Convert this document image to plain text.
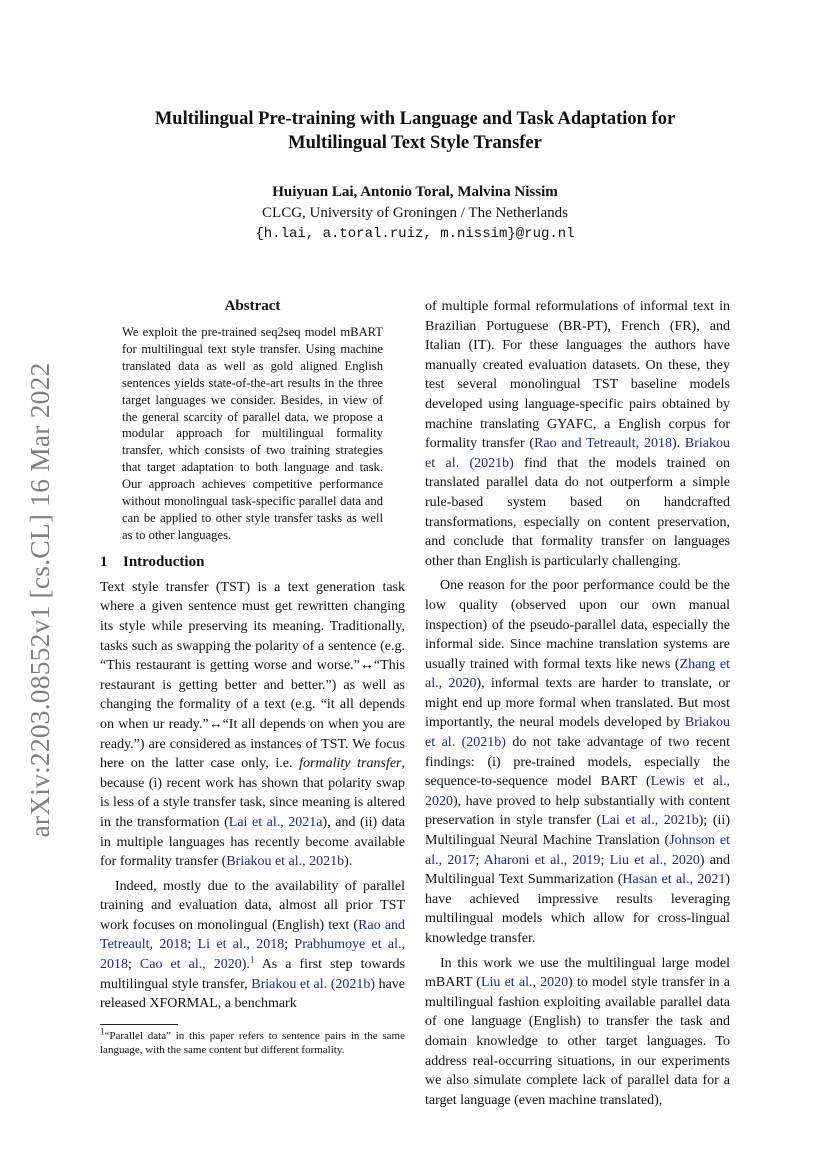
arXiv:2203.08552v1 [cs.CL] 16 Mar 2022
Multilingual Pre-training with Language and Task Adaptation for
Multilingual Text Style Transfer
Huiyuan Lai, Antonio Toral, Malvina Nissim
CLCG, University of Groningen / The Netherlands
{h.lai, a.toral.ruiz, m.nissim}@rug.nl
Abstract
We exploit the pre-trained seq2seq model mBART for multilingual text style transfer. Using machine translated data as well as gold aligned English sentences yields state-of-the-art results in the three target languages we consider. Besides, in view of the general scarcity of parallel data, we propose a modular approach for multilingual formality transfer, which consists of two training strategies that target adaptation to both language and task. Our approach achieves competitive performance without monolingual task-specific parallel data and can be applied to other style transfer tasks as well as to other languages.
1 Introduction

Text style transfer (TST) is a text generation task where a given sentence must get rewritten changing its style while preserving its meaning. Traditionally, tasks such as swapping the polarity of a sentence (e.g. “This restaurant is getting worse and worse.”↔“This restaurant is getting better and better.”) as well as changing the formality of a text (e.g. “it all depends on when ur ready.”↔“It all depends on when you are ready.”) are considered as instances of TST. We focus here on the latter case only, i.e. formality transfer, because (i) recent work has shown that polarity swap is less of a style transfer task, since meaning is altered in the transformation (Lai et al., 2021a), and (ii) data in multiple languages has recently become available for formality transfer (Briakou et al., 2021b).

Indeed, mostly due to the availability of parallel training and evaluation data, almost all prior TST work focuses on monolingual (English) text (Rao and Tetreault, 2018; Li et al., 2018; Prabhumoye et al., 2018; Cao et al., 2020).$^1$ As a first step towards multilingual style transfer, Briakou et al. (2021b) have released XFORMAL, a benchmark

$^1$“Parallel data” in this paper refers to sentence pairs in the same language, with the same content but different formality.

of multiple formal reformulations of informal text in Brazilian Portuguese (BR-PT), French (FR), and Italian (IT). For these languages the authors have manually created evaluation datasets. On these, they test several monolingual TST baseline models developed using language-specific pairs obtained by machine translating GYAFC, a English corpus for formality transfer (Rao and Tetreault, 2018). Briakou et al. (2021b) find that the models trained on translated parallel data do not outperform a simple rule-based system based on handcrafted transformations, especially on content preservation, and conclude that formality transfer on languages other than English is particularly challenging.

One reason for the poor performance could be the low quality (observed upon our own manual inspection) of the pseudo-parallel data, especially the informal side. Since machine translation systems are usually trained with formal texts like news (Zhang et al., 2020), informal texts are harder to translate, or might end up more formal when translated. But most importantly, the neural models developed by Briakou et al. (2021b) do not take advantage of two recent findings: (i) pre-trained models, especially the sequence-to-sequence model BART (Lewis et al., 2020), have proved to help substantially with content preservation in style transfer (Lai et al., 2021b); (ii) Multilingual Neural Machine Translation (Johnson et al., 2017; Aharoni et al., 2019; Liu et al., 2020) and Multilingual Text Summarization (Hasan et al., 2021) have achieved impressive results leveraging multilingual models which allow for cross-lingual knowledge transfer.

In this work we use the multilingual large model mBART (Liu et al., 2020) to model style transfer in a multilingual fashion exploiting available parallel data of one language (English) to transfer the task and domain knowledge to other target languages. To address real-occurring situations, in our experiments we also simulate complete lack of parallel data for a target language (even machine translated),
